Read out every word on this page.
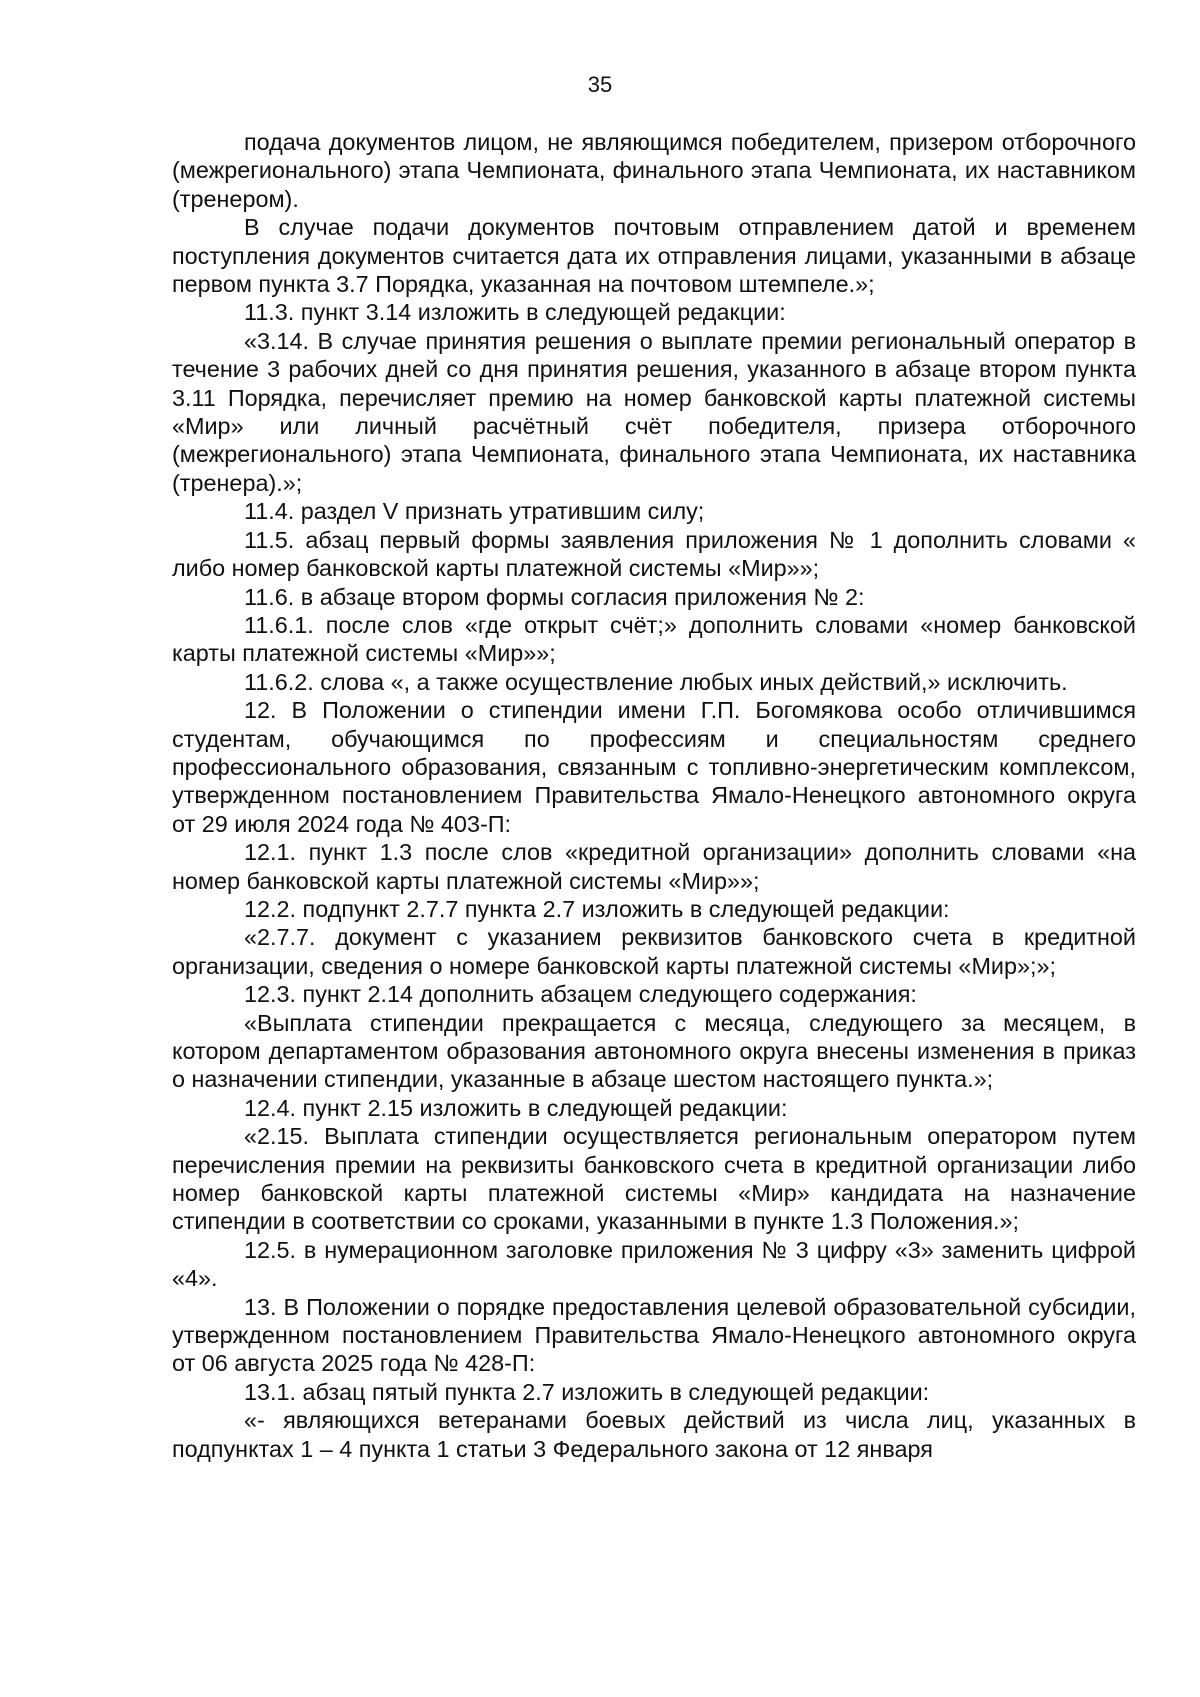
35

подача документов лицом, не являющимся победителем, призером отборочного (межрегионального) этапа Чемпионата, финального этапа Чемпионата, их наставником (тренером).

В случае подачи документов почтовым отправлением датой и временем поступления документов считается дата их отправления лицами, указанными в абзаце первом пункта 3.7 Порядка, указанная на почтовом штемпеле.»;

11.3. пункт 3.14 изложить в следующей редакции:

«3.14. В случае принятия решения о выплате премии региональный оператор в течение 3 рабочих дней со дня принятия решения, указанного в абзаце втором пункта 3.11 Порядка, перечисляет премию на номер банковской карты платежной системы «Мир» или личный расчётный счёт победителя, призера отборочного (межрегионального) этапа Чемпионата, финального этапа Чемпионата, их наставника (тренера).»;

11.4. раздел V признать утратившим силу;

11.5. абзац первый формы заявления приложения № 1 дополнить словами « либо номер банковской карты платежной системы «Мир»»;

11.6. в абзаце втором формы согласия приложения № 2:

11.6.1. после слов «где открыт счёт;» дополнить словами «номер банковской карты платежной системы «Мир»»;

11.6.2. слова «, а также осуществление любых иных действий,» исключить.

12. В Положении о стипендии имени Г.П. Богомякова особо отличившимся студентам, обучающимся по профессиям и специальностям среднего профессионального образования, связанным с топливно-энергетическим комплексом, утвержденном постановлением Правительства Ямало-Ненецкого автономного округа от 29 июля 2024 года № 403-П:

12.1. пункт 1.3 после слов «кредитной организации» дополнить словами «на номер банковской карты платежной системы «Мир»»;

12.2. подпункт 2.7.7 пункта 2.7 изложить в следующей редакции:

«2.7.7. документ с указанием реквизитов банковского счета в кредитной организации, сведения о номере банковской карты платежной системы «Мир»;»;

12.3. пункт 2.14 дополнить абзацем следующего содержания:

«Выплата стипендии прекращается с месяца, следующего за месяцем, в котором департаментом образования автономного округа внесены изменения в приказ о назначении стипендии, указанные в абзаце шестом настоящего пункта.»;

12.4. пункт 2.15 изложить в следующей редакции:

«2.15. Выплата стипендии осуществляется региональным оператором путем перечисления премии на реквизиты банковского счета в кредитной организации либо номер банковской карты платежной системы «Мир» кандидата на назначение стипендии в соответствии со сроками, указанными в пункте 1.3 Положения.»;

12.5. в нумерационном заголовке приложения № 3 цифру «3» заменить цифрой «4».

13. В Положении о порядке предоставления целевой образовательной субсидии, утвержденном постановлением Правительства Ямало-Ненецкого автономного округа от 06 августа 2025 года № 428-П:

13.1. абзац пятый пункта 2.7 изложить в следующей редакции:

«- являющихся ветеранами боевых действий из числа лиц, указанных в подпунктах 1 – 4 пункта 1 статьи 3 Федерального закона от 12 января
